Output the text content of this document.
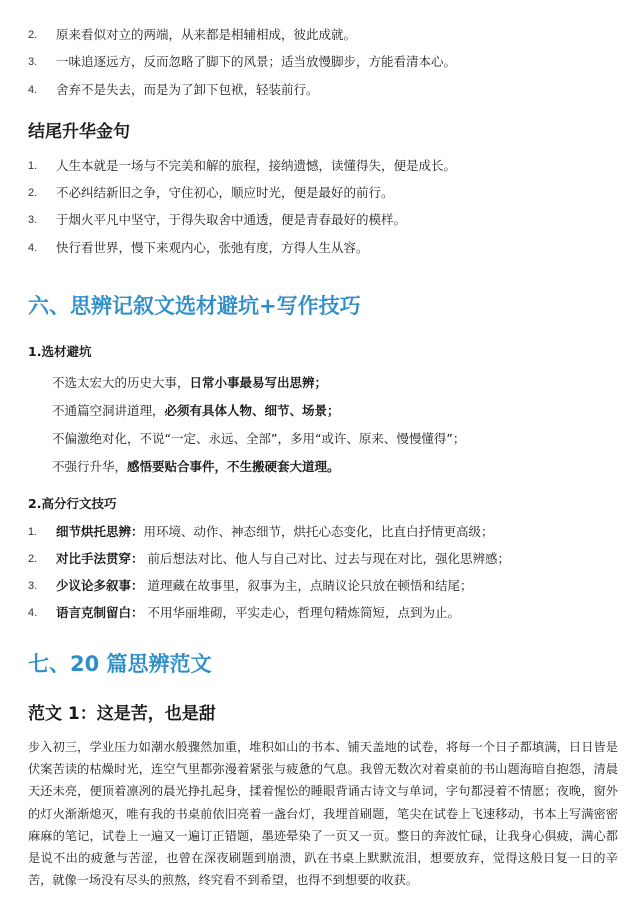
2.	原来看似对立的两端，从来都是相辅相成，彼此成就。
3.	一味追逐远方，反而忽略了脚下的风景；适当放慢脚步，方能看清本心。
4.	舍弃不是失去，而是为了卸下包袱，轻装前行。
结尾升华金句
1.	人生本就是一场与不完美和解的旅程，接纳遗憾，读懂得失，便是成长。
2.	不必纠结新旧之争，守住初心，顺应时光，便是最好的前行。
3.	于烟火平凡中坚守，于得失取舍中通透，便是青春最好的模样。
4.	快行看世界，慢下来观内心，张弛有度，方得人生从容。
六、思辨记叙文选材避坑+写作技巧
1.选材避坑
不选太宏大的历史大事，日常小事最易写出思辨；
不通篇空洞讲道理，必须有具体人物、细节、场景；
不偏激绝对化，不说“一定、永远、全部”，多用“或许、原来、慢慢懂得”；
不强行升华，感悟要贴合事件，不生搬硬套大道理。
2.高分行文技巧
1.	细节烘托思辨：用环境、动作、神态细节，烘托心态变化，比直白抒情更高级；
2.	对比手法贯穿： 前后想法对比、他人与自己对比、过去与现在对比，强化思辨感；
3.	少议论多叙事： 道理藏在故事里，叙事为主，点睛议论只放在顿悟和结尾；
4.	语言克制留白： 不用华丽堆砌，平实走心，哲理句精炼简短，点到为止。
七、20 篇思辨范文
范文 1：这是苦，也是甜
步入初三，学业压力如潮水般骤然加重，堆积如山的书本、铺天盖地的试卷，将每一个日子都填满，日日皆是伏案苦读的枯燥时光，连空气里都弥漫着紧张与疲惫的气息。我曾无数次对着桌前的书山题海暗自抱怨，清晨天还未亮，便顶着凛冽的晨光挣扎起身，揉着惺忪的睡眼背诵古诗文与单词，字句都浸着不情愿；夜晚，窗外的灯火渐渐熄灭，唯有我的书桌前依旧亮着一盏台灯，我埋首刷题，笔尖在试卷上飞速移动，书本上写满密密麻麻的笔记，试卷上一遍又一遍订正错题，墨迹晕染了一页又一页。整日的奔波忙碌，让我身心俱疲，满心都是说不出的疲惫与苦涩，也曾在深夜刷题到崩溃，趴在书桌上默默流泪，想要放弃，觉得这般日复一日的辛苦，就像一场没有尽头的煎熬，终究看不到希望，也得不到想要的收获。
